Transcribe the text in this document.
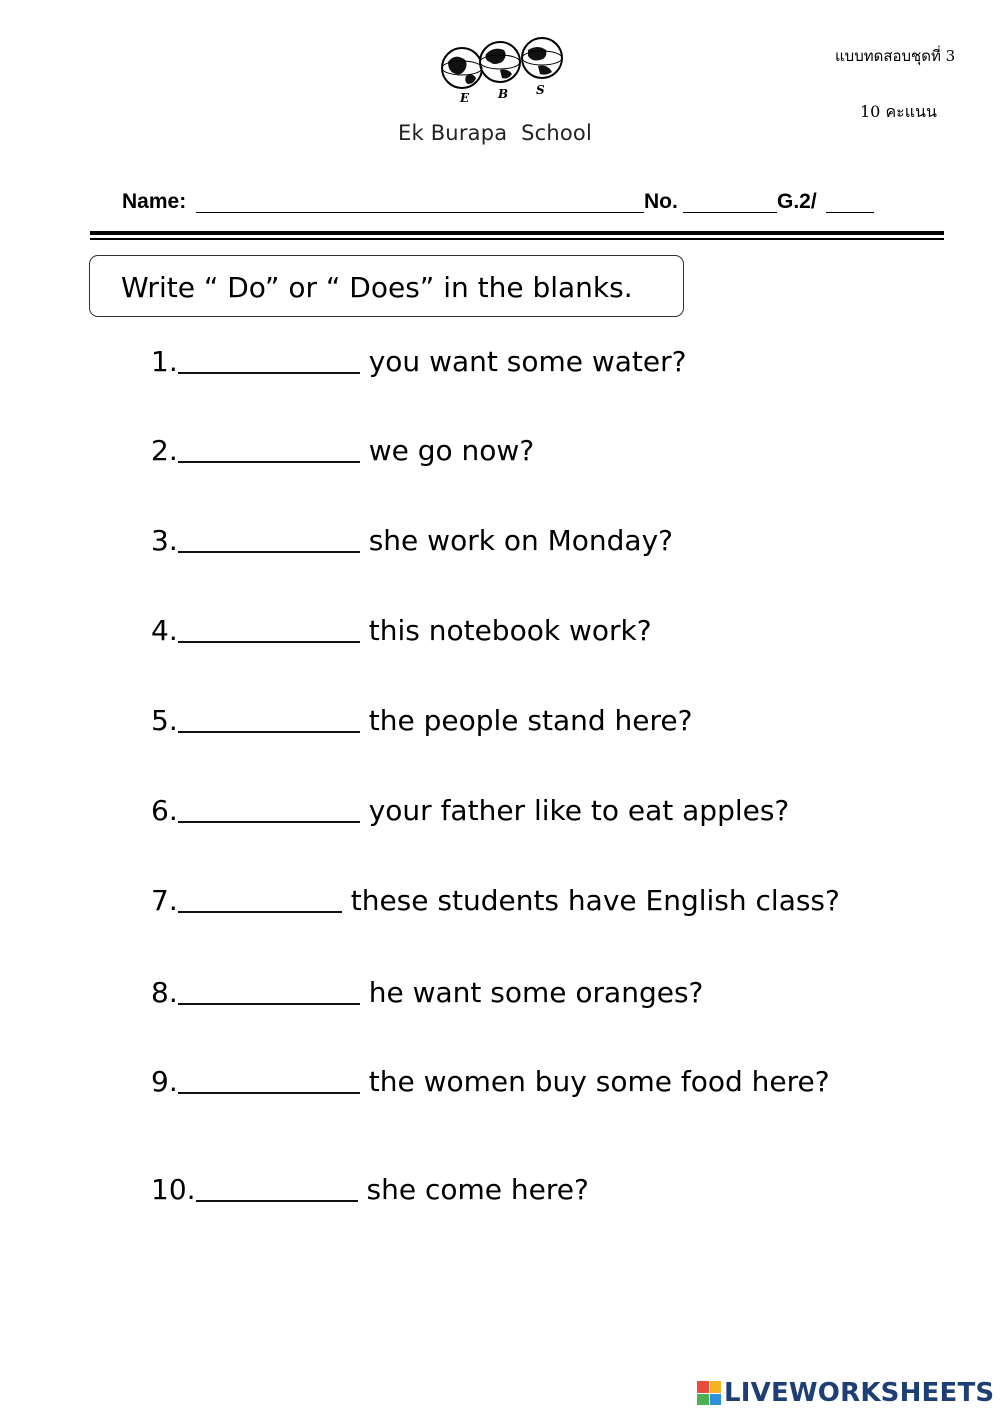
E B S
Ek Burapa  School
แบบทดสอบชุดที่ 3
10 คะแนน
Name:	No.	G.2/
Write “ Do” or “ Does” in the blanks.
1.	you want some water?
2.	we go now?
3.	she work on Monday?
4.	this notebook work?
5.	the people stand here?
6.	your father like to eat apples?
7.	these students have English class?
8.	he want some oranges?
9.	the women buy some food here?
10.	she come here?
LIVEWORKSHEETS
